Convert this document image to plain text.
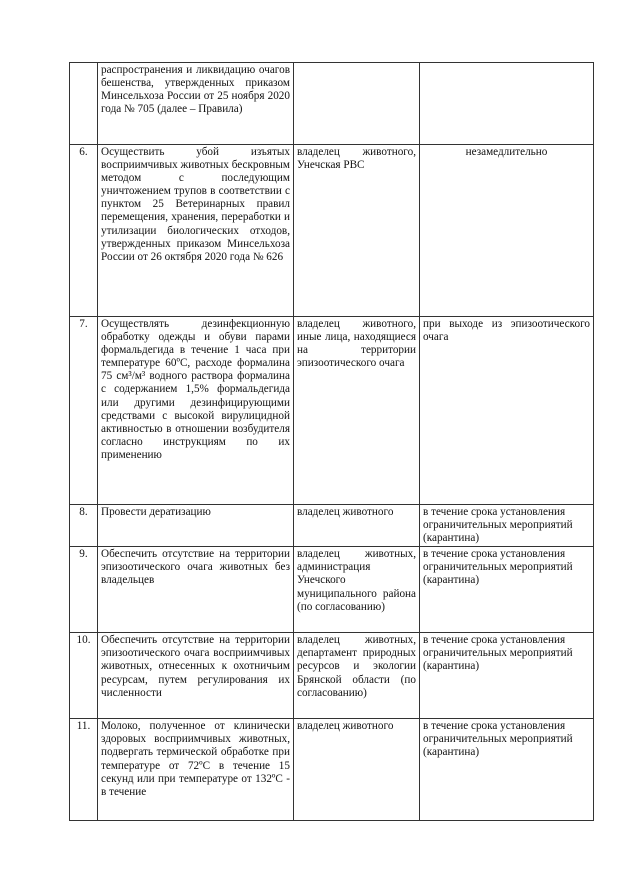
	распространения и ликвидацию очагов бешенства, утвержденных приказом Минсельхоза России от 25 ноября 2020 года № 705 (далее – Правила)		
6.	Осуществить убой изъятых восприимчивых животных бескровным методом с последующим уничтожением трупов в соответствии с пунктом 25 Ветеринарных правил перемещения, хранения, переработки и утилизации биологических отходов, утвержденных приказом Минсельхоза России от 26 октября 2020 года № 626	владелец животного, Унечская РВС	незамедлительно
7.	Осуществлять дезинфекционную обработку одежды и обуви парами формальдегида в течение 1 часа при температуре 60ºС, расходе формалина 75 см³/м³ водного раствора формалина с содержанием 1,5% формальдегида или другими дезинфицирующими средствами с высокой вирулицидной активностью в отношении возбудителя согласно инструкциям по их применению	владелец животного, иные лица, находящиеся на территории эпизоотического очага	при выходе из эпизоотического очага
8.	Провести дератизацию	владелец животного	в течение срока установления ограничительных мероприятий (карантина)
9.	Обеспечить отсутствие на территории эпизоотического очага животных без владельцев	владелец животных, администрация Унечского муниципального района (по согласованию)	в течение срока установления ограничительных мероприятий (карантина)
10.	Обеспечить отсутствие на территории эпизоотического очага восприимчивых животных, отнесенных к охотничьим ресурсам, путем регулирования их численности	владелец животных, департамент природных ресурсов и экологии Брянской области (по согласованию)	в течение срока установления ограничительных мероприятий (карантина)
11.	Молоко, полученное от клинически здоровых восприимчивых животных, подвергать термической обработке при температуре от 72ºС в течение 15 секунд или при температуре от 132ºС - в течение	владелец животного	в течение срока установления ограничительных мероприятий (карантина)
